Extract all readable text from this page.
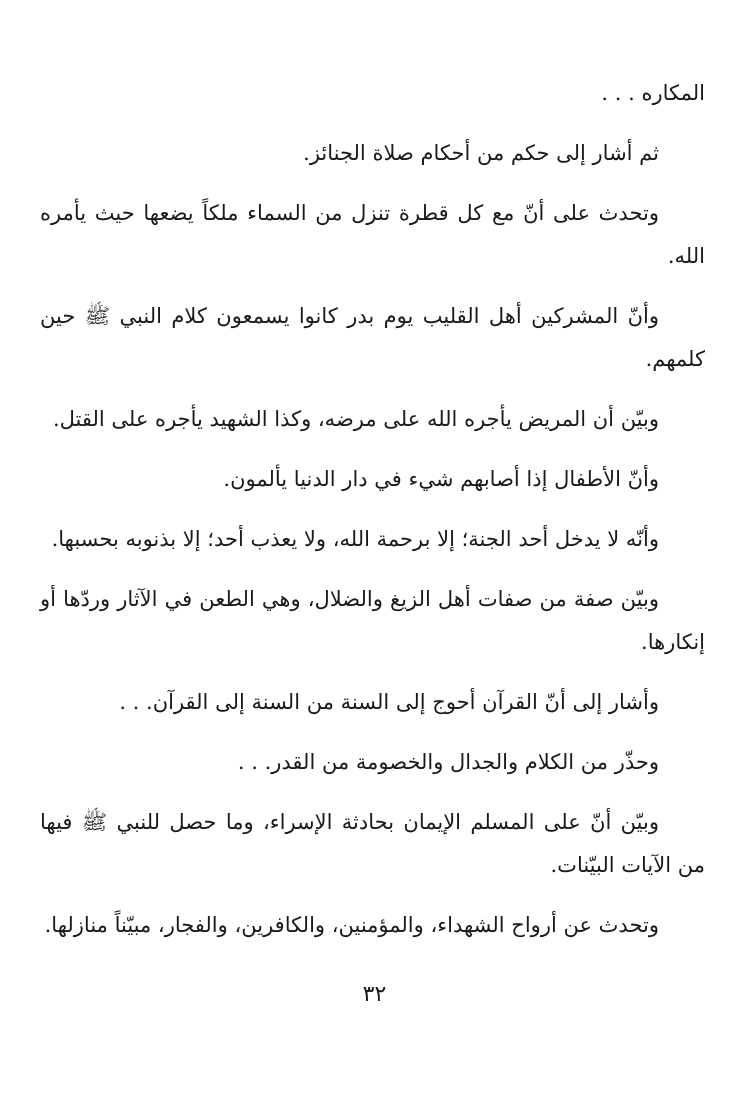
المكاره . . .

ثم أشار إلى حكم من أحكام صلاة الجنائز.

وتحدث على أنّ مع كل قطرة تنزل من السماء ملكاً يضعها حيث يأمره الله.

وأنّ المشركين أهل القليب يوم بدر كانوا يسمعون كلام النبي ﷺ حين كلمهم.

وبيّن أن المريض يأجره الله على مرضه، وكذا الشهيد يأجره على القتل.

وأنّ الأطفال إذا أصابهم شيء في دار الدنيا يألمون.

وأنّه لا يدخل أحد الجنة؛ إلا برحمة الله، ولا يعذب أحد؛ إلا بذنوبه بحسبها.

وبيّن صفة من صفات أهل الزيغ والضلال، وهي الطعن في الآثار وردّها أو إنكارها.

وأشار إلى أنّ القرآن أحوج إلى السنة من السنة إلى القرآن. . .

وحذّر من الكلام والجدال والخصومة من القدر. . .

وبيّن أنّ على المسلم الإيمان بحادثة الإسراء، وما حصل للنبي ﷺ فيها من الآيات البيّنات.

وتحدث عن أرواح الشهداء، والمؤمنين، والكافرين، والفجار، مبيّناً منازلها.

٣٢
